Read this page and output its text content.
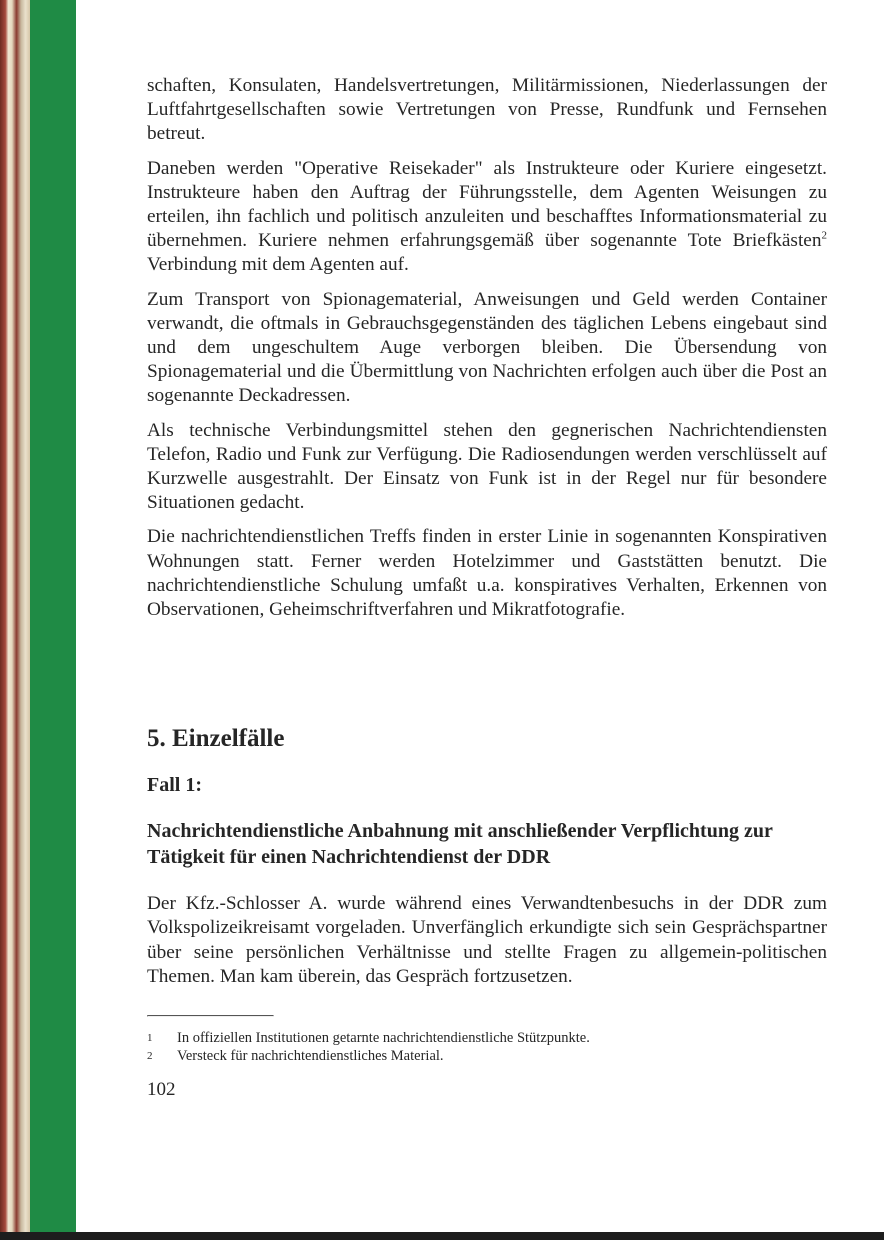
schaften, Konsulaten, Handelsvertretungen, Militärmissionen, Niederlassungen der Luftfahrtgesellschaften sowie Vertretungen von Presse, Rundfunk und Fernsehen betreut.

Daneben werden "Operative Reisekader" als Instrukteure oder Kuriere eingesetzt. Instrukteure haben den Auftrag der Führungsstelle, dem Agenten Weisungen zu erteilen, ihn fachlich und politisch anzuleiten und beschafftes Informationsmaterial zu übernehmen. Kuriere nehmen erfahrungsgemäß über sogenannte Tote Briefkästen$^2$ Verbindung mit dem Agenten auf.

Zum Transport von Spionagematerial, Anweisungen und Geld werden Container verwandt, die oftmals in Gebrauchsgegenständen des täglichen Lebens eingebaut sind und dem ungeschultem Auge verborgen bleiben. Die Übersendung von Spionagematerial und die Übermittlung von Nachrichten erfolgen auch über die Post an sogenannte Deckadressen.

Als technische Verbindungsmittel stehen den gegnerischen Nachrichtendiensten Telefon, Radio und Funk zur Verfügung. Die Radiosendungen werden verschlüsselt auf Kurzwelle ausgestrahlt. Der Einsatz von Funk ist in der Regel nur für besondere Situationen gedacht.

Die nachrichtendienstlichen Treffs finden in erster Linie in sogenannten Konspirativen Wohnungen statt. Ferner werden Hotelzimmer und Gaststätten benutzt. Die nachrichtendienstliche Schulung umfaßt u.a. konspiratives Verhalten, Erkennen von Observationen, Geheimschriftverfahren und Mikratfotografie.

5. Einzelfälle
Fall 1:
Nachrichtendienstliche Anbahnung mit anschließender Verpflichtung zur Tätigkeit für einen Nachrichtendienst der DDR

Der Kfz.-Schlosser A. wurde während eines Verwandtenbesuchs in der DDR zum Volkspolizeikreisamt vorgeladen. Unverfänglich erkundigte sich sein Gesprächspartner über seine persönlichen Verhältnisse und stellte Fragen zu allgemein-politischen Themen. Man kam überein, das Gespräch fortzusetzen.

1	In offiziellen Institutionen getarnte nachrichtendienstliche Stützpunkte.
2	Versteck für nachrichtendienstliches Material.

102
